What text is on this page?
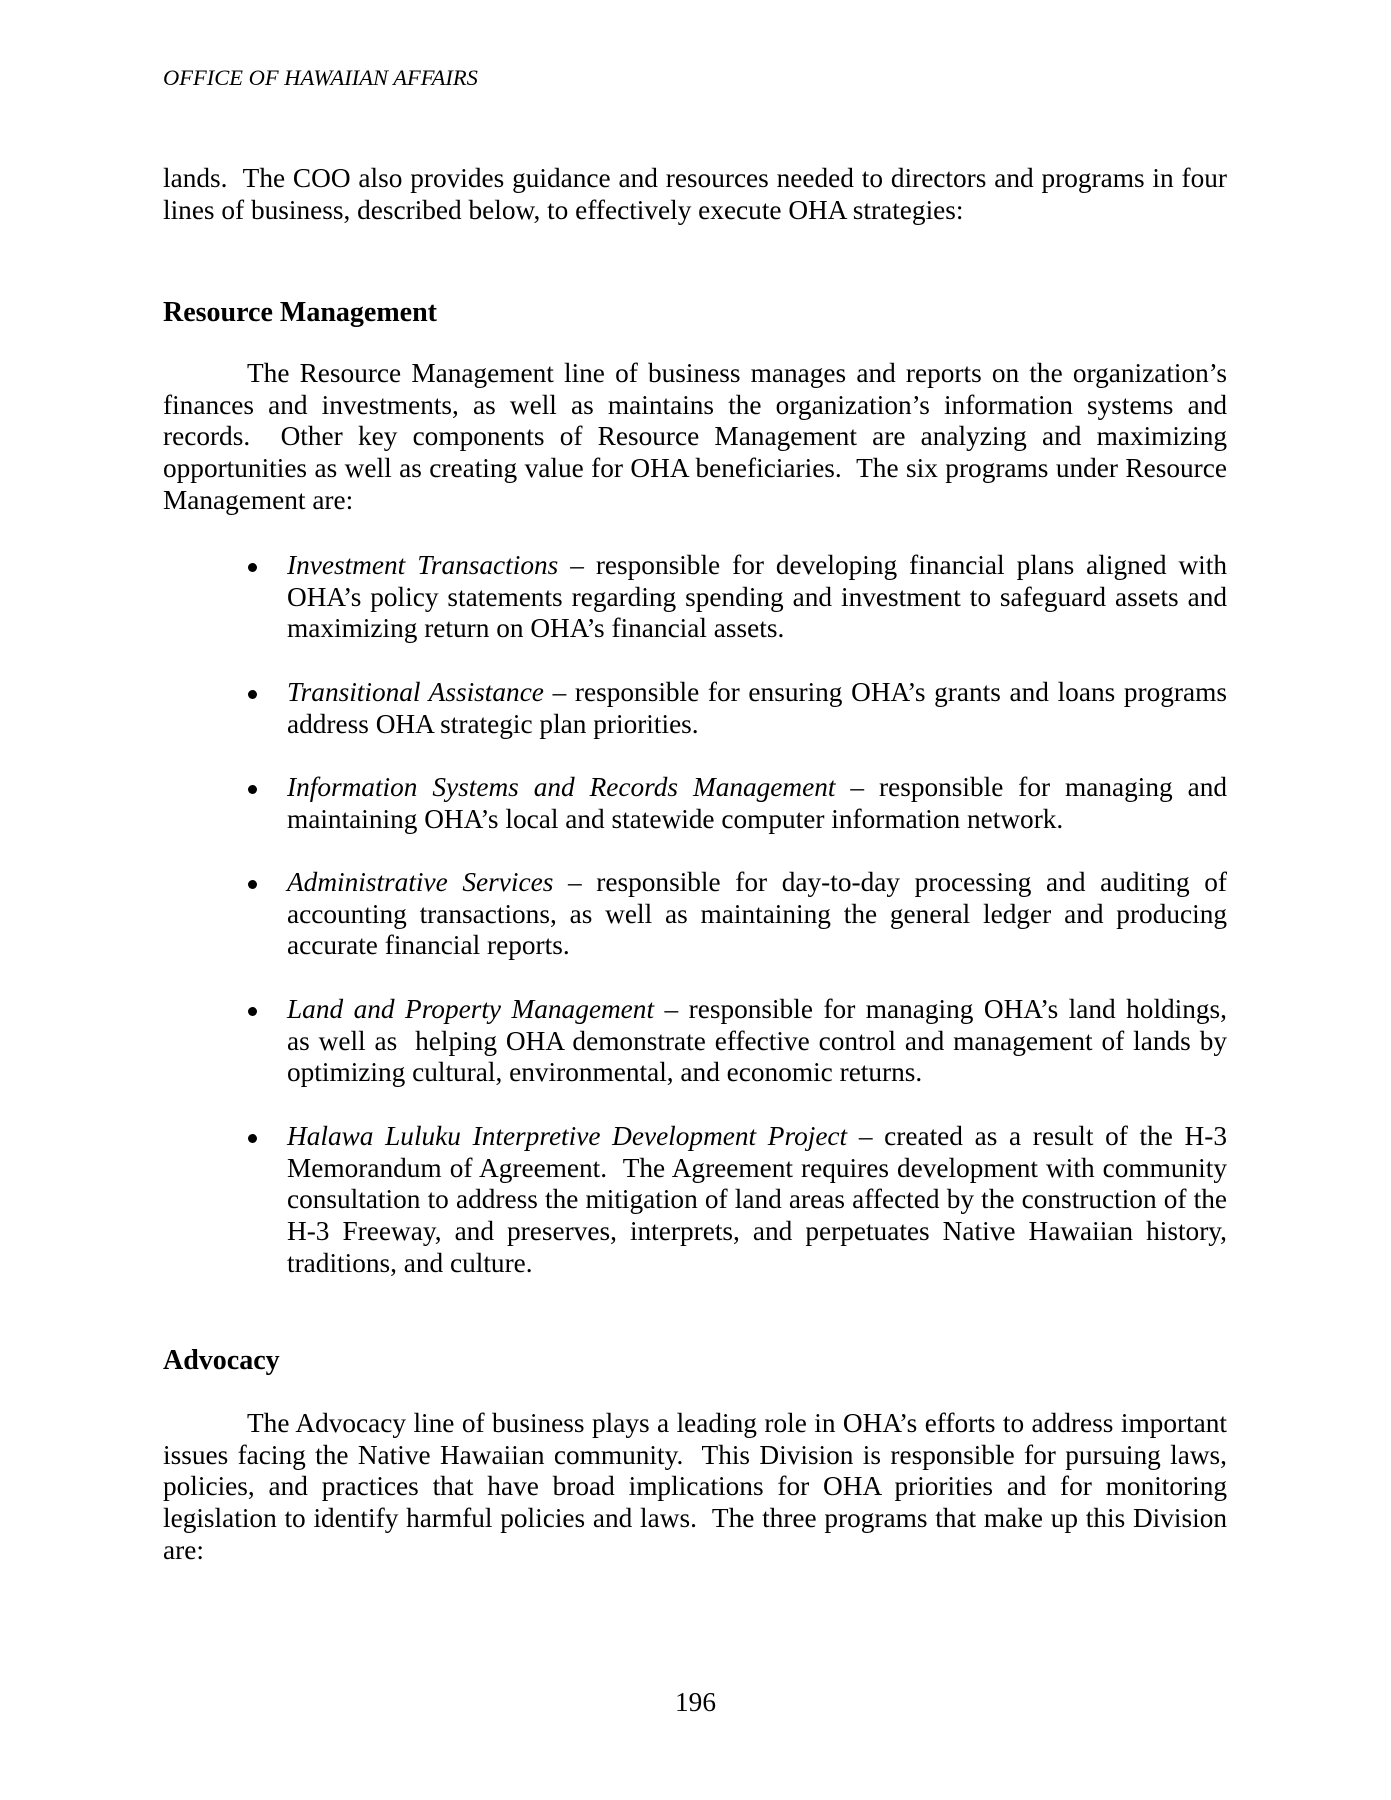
OFFICE OF HAWAIIAN AFFAIRS
lands.  The COO also provides guidance and resources needed to directors and programs in four
lines of business, described below, to effectively execute OHA strategies:
Resource Management
The Resource Management line of business manages and reports on the organization’s
finances and investments, as well as maintains the organization’s information systems and
records.  Other key components of Resource Management are analyzing and maximizing
opportunities as well as creating value for OHA beneficiaries.  The six programs under Resource
Management are:
Investment Transactions – responsible for developing financial plans aligned with
OHA’s policy statements regarding spending and investment to safeguard assets and
maximizing return on OHA’s financial assets.
Transitional Assistance – responsible for ensuring OHA’s grants and loans programs
address OHA strategic plan priorities.
Information Systems and Records Management – responsible for managing and
maintaining OHA’s local and statewide computer information network.
Administrative Services – responsible for day-to-day processing and auditing of
accounting transactions, as well as maintaining the general ledger and producing
accurate financial reports.
Land and Property Management – responsible for managing OHA’s land holdings,
as well as  helping OHA demonstrate effective control and management of lands by
optimizing cultural, environmental, and economic returns.
Halawa Luluku Interpretive Development Project – created as a result of the H-3
Memorandum of Agreement.  The Agreement requires development with community
consultation to address the mitigation of land areas affected by the construction of the
H-3 Freeway, and preserves, interprets, and perpetuates Native Hawaiian history,
traditions, and culture.
Advocacy
The Advocacy line of business plays a leading role in OHA’s efforts to address important
issues facing the Native Hawaiian community.  This Division is responsible for pursuing laws,
policies, and practices that have broad implications for OHA priorities and for monitoring
legislation to identify harmful policies and laws.  The three programs that make up this Division
are:
196
